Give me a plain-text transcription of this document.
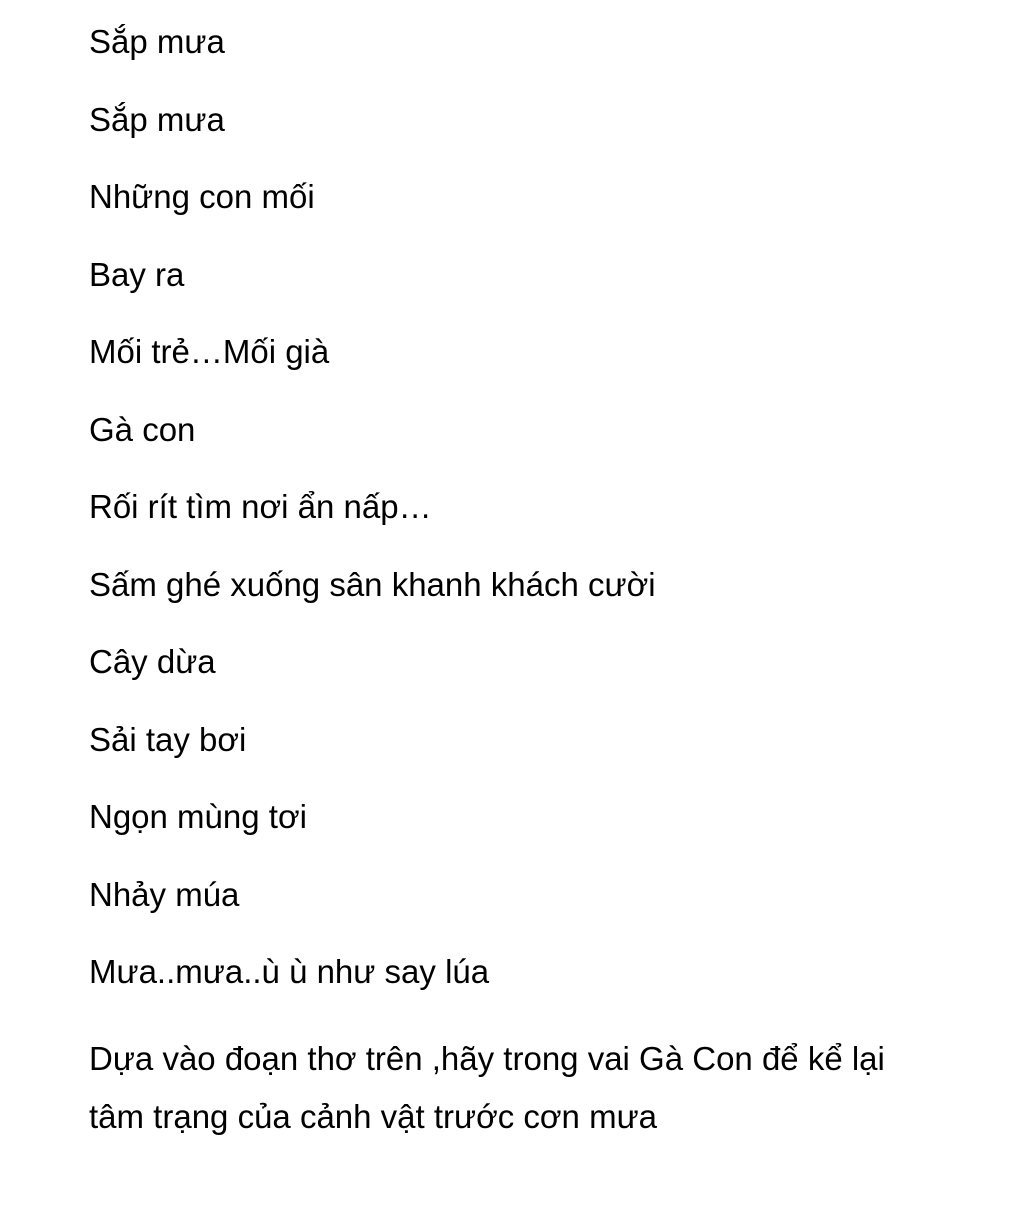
Sắp mưa
Sắp mưa
Những con mối
Bay ra
Mối trẻ…Mối già
Gà con
Rối rít tìm nơi ẩn nấp…
Sấm ghé xuống sân khanh khách cười
Cây dừa
Sải tay bơi
Ngọn mùng tơi
Nhảy múa
Mưa..mưa..ù ù như say lúa
Dựa vào đoạn thơ trên ,hãy trong vai Gà Con để kể lại
tâm trạng của cảnh vật trước cơn mưa
